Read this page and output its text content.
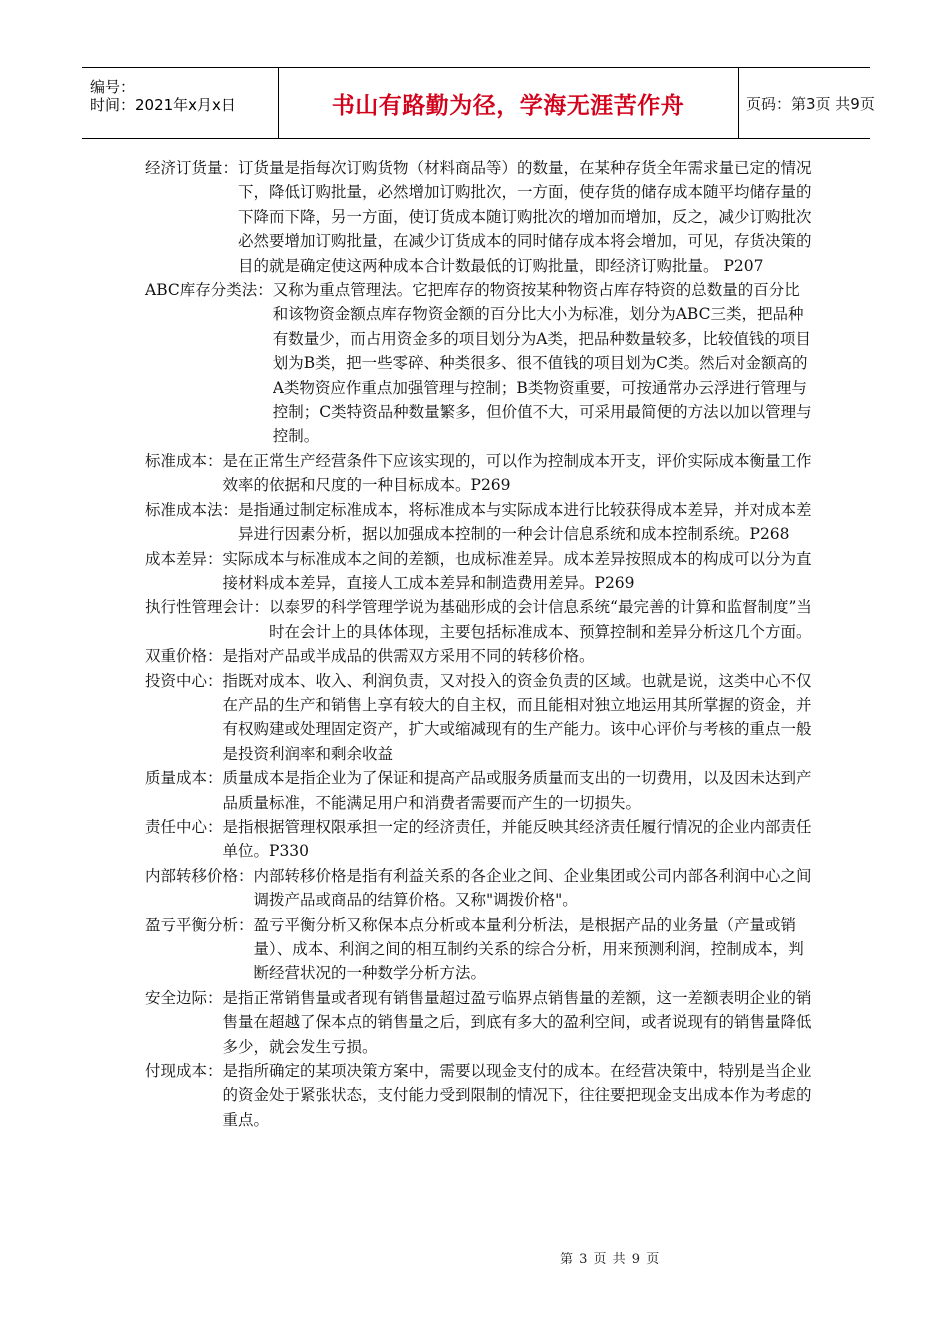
编号：
时间：2021年x月x日	书山有路勤为径，学海无涯苦作舟	页码：第3页 共9页

经济订货量： 订货量是指每次订购货物（材料商品等）的数量，在某种存货全年需求量已定的情况下，降低订购批量，必然增加订购批次，一方面，使存货的储存成本随平均储存量的下降而下降，另一方面，使订货成本随订购批次的增加而增加，反之，减少订购批次必然要增加订购批量，在减少订货成本的同时储存成本将会增加，可见，存货决策的目的就是确定使这两种成本合计数最低的订购批量，即经济订购批量。 P207

ABC库存分类法： 又称为重点管理法。它把库存的物资按某种物资占库存特资的总数量的百分比和该物资金额点库存物资金额的百分比大小为标准，划分为ABC三类，把品种有数量少，而占用资金多的项目划分为A类，把品种数量较多，比较值钱的项目划为B类，把一些零碎、种类很多、很不值钱的项目划为C类。然后对金额高的A类物资应作重点加强管理与控制；B类物资重要，可按通常办云浮进行管理与控制；C类特资品种数量繁多，但价值不大，可采用最简便的方法以加以管理与控制。

标准成本： 是在正常生产经营条件下应该实现的，可以作为控制成本开支，评价实际成本衡量工作效率的依据和尺度的一种目标成本。P269

标准成本法： 是指通过制定标准成本，将标准成本与实际成本进行比较获得成本差异，并对成本差异进行因素分析，据以加强成本控制的一种会计信息系统和成本控制系统。P268

成本差异： 实际成本与标准成本之间的差额，也成标准差异。成本差异按照成本的构成可以分为直接材料成本差异，直接人工成本差异和制造费用差异。P269

执行性管理会计： 以泰罗的科学管理学说为基础形成的会计信息系统“最完善的计算和监督制度”当时在会计上的具体体现，主要包括标准成本、预算控制和差异分析这几个方面。

双重价格： 是指对产品或半成品的供需双方采用不同的转移价格。

投资中心： 指既对成本、收入、利润负责，又对投入的资金负责的区域。也就是说，这类中心不仅在产品的生产和销售上享有较大的自主权，而且能相对独立地运用其所掌握的资金，并有权购建或处理固定资产，扩大或缩减现有的生产能力。该中心评价与考核的重点一般是投资利润率和剩余收益

质量成本： 质量成本是指企业为了保证和提高产品或服务质量而支出的一切费用，以及因未达到产品质量标准，不能满足用户和消费者需要而产生的一切损失。

责任中心： 是指根据管理权限承担一定的经济责任，并能反映其经济责任履行情况的企业内部责任单位。P330

内部转移价格： 内部转移价格是指有利益关系的各企业之间、企业集团或公司内部各利润中心之间调拨产品或商品的结算价格。又称"调拨价格"。

盈亏平衡分析： 盈亏平衡分析又称保本点分析或本量利分析法，是根据产品的业务量（产量或销量）、成本、利润之间的相互制约关系的综合分析，用来预测利润，控制成本，判断经营状况的一种数学分析方法。

安全边际： 是指正常销售量或者现有销售量超过盈亏临界点销售量的差额，这一差额表明企业的销售量在超越了保本点的销售量之后，到底有多大的盈利空间，或者说现有的销售量降低多少，就会发生亏损。

付现成本： 是指所确定的某项决策方案中，需要以现金支付的成本。在经营决策中，特别是当企业的资金处于紧张状态，支付能力受到限制的情况下，往往要把现金支出成本作为考虑的重点。

第 3 页 共 9 页
